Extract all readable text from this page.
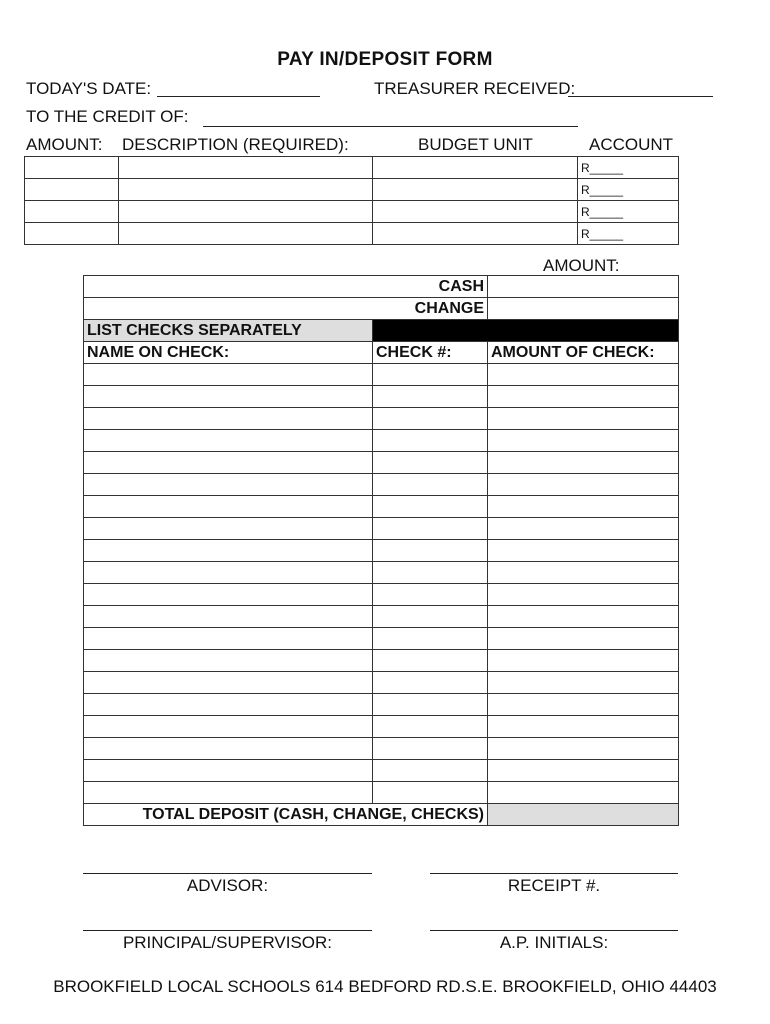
PAY IN/DEPOSIT FORM
TODAY'S DATE:	TREASURER RECEIVED:
TO THE CREDIT OF:
AMOUNT: DESCRIPTION (REQUIRED):	BUDGET UNIT	ACCOUNT
			R_____
			R_____
			R_____
			R_____
AMOUNT:
CASH		
CHANGE		
LIST CHECKS SEPARATELY		
NAME ON CHECK:	CHECK #:	AMOUNT OF CHECK:

TOTAL DEPOSIT (CASH, CHANGE, CHECKS)		
ADVISOR:	RECEIPT #.
PRINCIPAL/SUPERVISOR:	A.P. INITIALS:
BROOKFIELD LOCAL SCHOOLS 614 BEDFORD RD.S.E. BROOKFIELD, OHIO 44403
